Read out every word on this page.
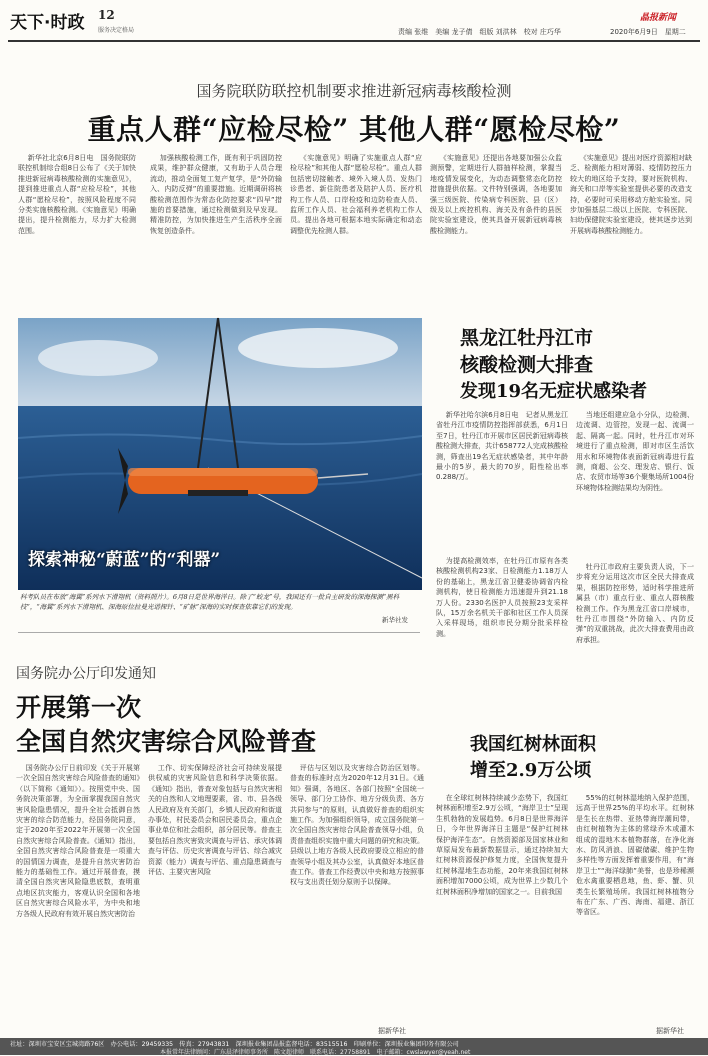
天下·时政 12
服务决定格局	责编 张维　美编 龙子倩　组版 刘洪林　校对 庄巧华	2020年6月9日　星期二
晶报新闻
国务院联防联控机制要求推进新冠病毒核酸检测
重点人群“应检尽检” 其他人群“愿检尽检”
新华社北京6月8日电　国务院联防联控机制综合组8日公布了《关于加快推进新冠病毒核酸检测的实施意见》，提到推进重点人群“应检尽检”，其他人群“愿检尽检”，按照风险程度不同分类实施核酸检测。《实施意见》明确提出，提升检测能力，尽力扩大检测范围。
加强核酸检测工作，既有利于巩固防控成果，维护群众健康，又有助于人员合理流动，推动全面复工复产复学，是“外防输入、内防反弹”的重要措施。近期调研将核酸检测范围作为常态化防控要求“四早”措施的首要措施，通过检测做到及早发现。精准防控，为加快推进生产生活秩序全面恢复创造条件。
《实施意见》明确了实施重点人群“应检尽检”和其他人群“愿检尽检”。重点人群包括密切接触者、境外入境人员、发热门诊患者、新住院患者及陪护人员、医疗机构工作人员、口岸检疫和边防检查人员、监所工作人员、社会福利养老机构工作人员。提出各地可根据本地实际确定和动态调整优先检测人群。
《实施意见》还提出各地要加强公众监测预警，定期进行人群抽样检测，掌握当地疫情发展变化，为动态调整常态化防控措施提供依据。文件特别强调，各地要加强三级医院、传染病专科医院、县（区）级及以上疾控机构、海关及有条件的县医院实验室建设，使其具备开展新冠病毒核酸检测能力。
《实施意见》提出对医疗资源相对缺乏、检测能力相对薄弱、疫情防控压力较大的地区给予支持，要对医院机构、海关和口岸等实验室提供必要的改造支持，必要时可采用移动方舱实验室。同步加强基层二级以上医院、专科医院、妇幼保健院实验室建设，使其逐步达到开展病毒核酸检测能力。
探索神秘“蔚蓝”的“利器”
科考队员在布放“海翼”系列水下滑翔机（资料照片）。6月8日是世界海洋日。除了“蛟龙”号，我国还有一批自主研发的深海探测“黑科技”，“海翼”系列水下滑翔机、深海原位拉曼光谱探针、“矿脉”深海的实时探查依靠它们的发现。
新华社发
黑龙江牡丹江市
核酸检测大排查
发现19名无症状感染者
新华社哈尔滨6月8日电　记者从黑龙江省牡丹江市疫情防控指挥部获悉，6月1日至7日，牡丹江市开展市区居民新冠病毒核酸检测大排查，共计658772人完成核酸检测，筛查出19名无症状感染者，其中年龄最小的5岁，最大的70岁，阳性检出率0.288/万。
为提高检测效率，在牡丹江市原有各类核酸检测机构23家、日检测能力1.18万人份的基础上，黑龙江省卫健委协调省内检测机构，使日检测能力迅速提升到21.18万人份。2330名医护人员按照23支采样队，15万余名机关干部和社区工作人员深入采样现场，组织市民分期分批采样检测。
当地还组建应急小分队，边检测、边流调、边管控，发现一起、流调一起、隔离一起。同时，牡丹江市对环境进行了重点检测，即对市区生活饮用水和环境物体表面新冠病毒进行监测，商超、公交、理发店、银行、饭店、农贸市场等36个聚集场所1004份环境物体检测结果均为阴性。
牡丹江市政府主要负责人说，下一步将充分运用这次市区全民大排查成果，根据防控形势，适时科学推进所属县（市）重点行业、重点人群核酸检测工作。作为黑龙江省口岸城市，牡丹江市围绕“外防输入、内防反弹”的双重挑战，此次大排查费用由政府承担。
国务院办公厅印发通知
开展第一次
全国自然灾害综合风险普查
国务院办公厅日前印发《关于开展第一次全国自然灾害综合风险普查的通知》（以下简称《通知》）。按照党中央、国务院决策部署，为全面掌握我国自然灾害风险隐患情况，提升全社会抵御自然灾害的综合防范能力，经国务院同意，定于2020年至2022年开展第一次全国自然灾害综合风险普查。《通知》指出，全国自然灾害综合风险普查是一项重大的国情国力调查，是提升自然灾害防治能力的基础性工作。通过开展普查，摸清全国自然灾害风险隐患底数，查明重点地区抗灾能力，客观认识全国和各地区自然灾害综合风险水平，为中央和地方各级人民政府有效开展自然灾害防治
工作、切实保障经济社会可持续发展提供权威的灾害风险信息和科学决策依据。《通知》指出，普查对象包括与自然灾害相关的自然和人文地理要素，省、市、县各级人民政府及有关部门，乡镇人民政府和街道办事处，村民委员会和居民委员会，重点企事业单位和社会组织，部分居民等。普查主要包括自然灾害致灾调查与评估、承灾体调查与评估、历史灾害调查与评估、综合减灾资源（能力）调查与评估、重点隐患调查与评估、主要灾害风险
评估与区划以及灾害综合防治区划等。普查的标准时点为2020年12月31日。《通知》强调，各地区、各部门按照“全国统一领导、部门分工协作、地方分级负责、各方共同参与”的原则，认真做好普查的组织实施工作。为加强组织领导，成立国务院第一次全国自然灾害综合风险普查领导小组，负责普查组织实施中重大问题的研究和决策。县级以上地方各级人民政府要设立相应的普查领导小组及其办公室，认真做好本地区普查工作。普查工作经费以中央和地方按照事权与支出责任划分原则予以保障。
据新华社
我国红树林面积
增至2.9万公顷
在全球红树林持续减少态势下，我国红树林面积增至2.9万公顷，“海岸卫士”呈现生机勃勃的发展趋势。6月8日是世界海洋日，今年世界海洋日主题是“保护红树林　保护海洋生态”。自然资源部及国家林业和草原局发布最新数据显示，通过持续加大红树林资源保护修复力度，全国恢复提升红树林湿地生态功能，20年来我国红树林面积增加7000公顷，成为世界上少数几个红树林面积净增加的国家之一。目前我国
55%的红树林湿地纳入保护范围，远高于世界25%的平均水平。红树林是生长在热带、亚热带海岸潮间带，由红树植物为主体的常绿乔木或灌木组成的湿地木本植物群落，在净化海水、防风消浪、固碳储碳、维护生物多样性等方面发挥着重要作用，有“海岸卫士”“海洋绿肺”美誉，也是珍稀濒危水禽重要栖息地，鱼、虾、蟹、贝类生长繁殖场所。我国红树林植物分布在广东、广西、海南、福建、浙江等省区。
据新华社
社址：深圳市宝安区宝城湾路76区　办公电话：29459335　传真：27943831　深圳报业集团晶报监督电话：83515516　印刷单位：深圳报业集团印务有限公司
本报常年法律顾问：广东晨泽律师事务所　陈文超律师　联系电话：27758891　电子邮箱：cwslawyer@yeah.net
